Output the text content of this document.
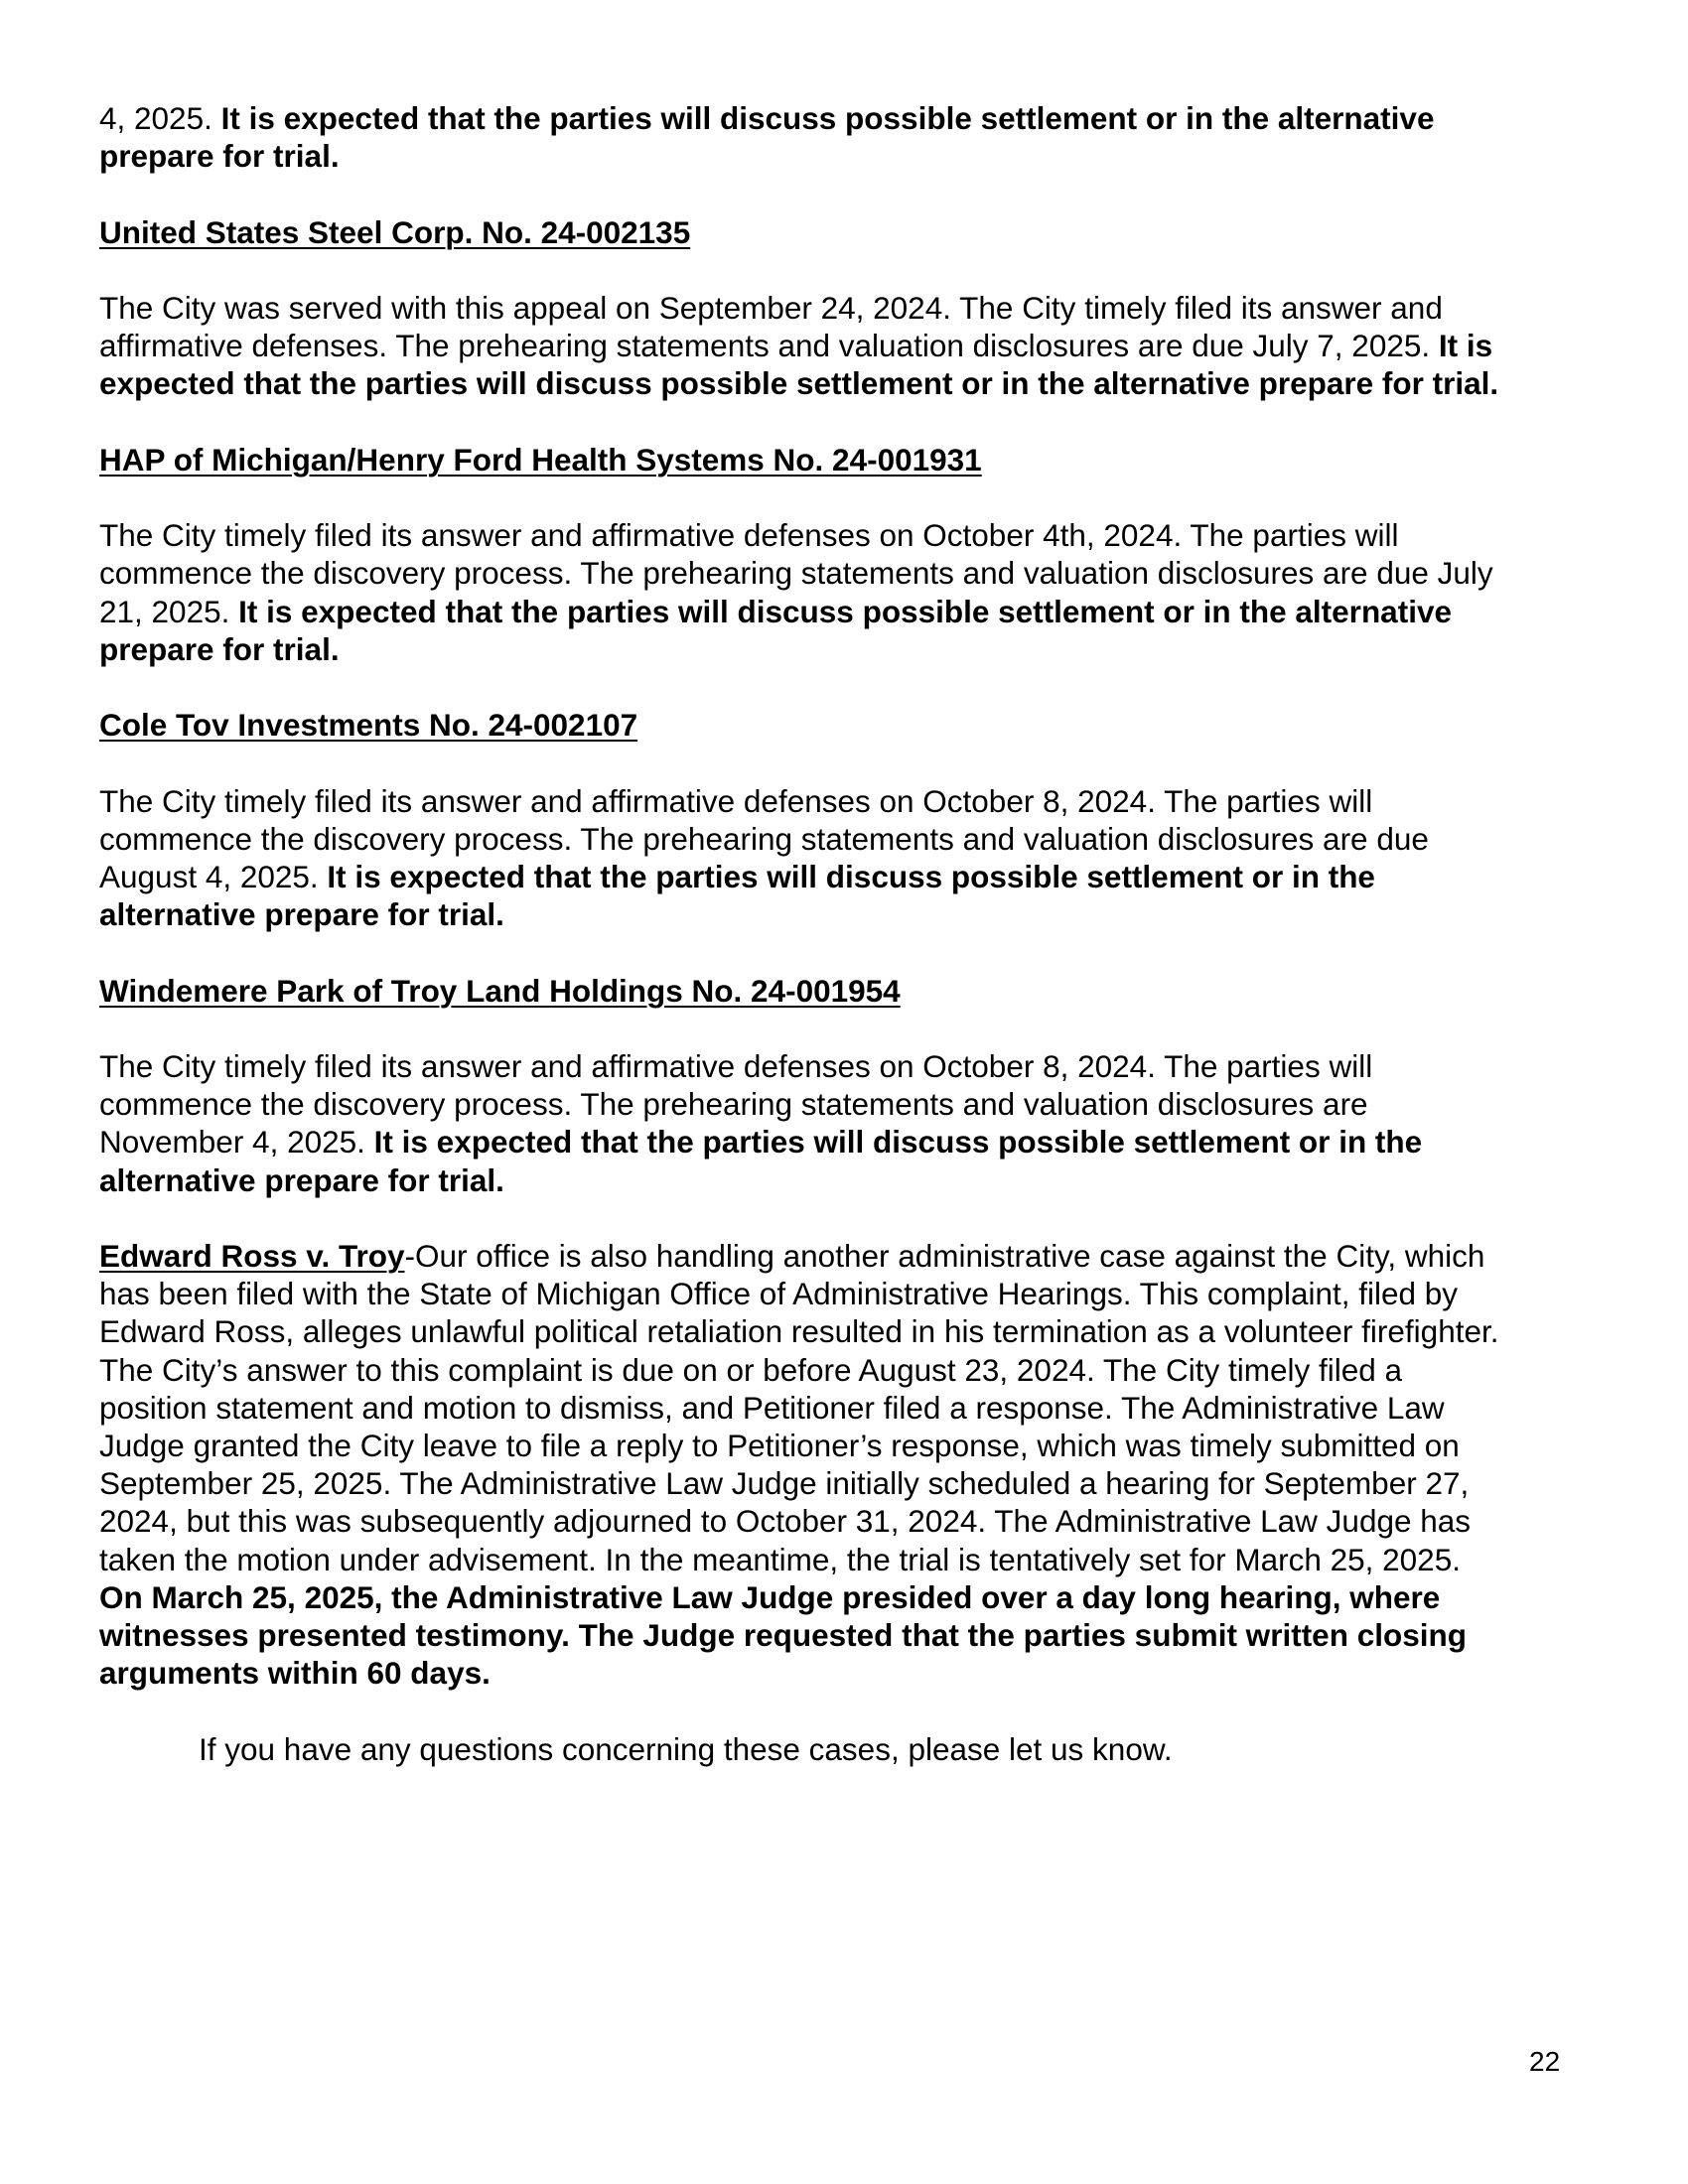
4, 2025. It is expected that the parties will discuss possible settlement or in the alternative
prepare for trial.

United States Steel Corp. No. 24-002135

The City was served with this appeal on September 24, 2024. The City timely filed its answer and
affirmative defenses. The prehearing statements and valuation disclosures are due July 7, 2025. It is
expected that the parties will discuss possible settlement or in the alternative prepare for trial.

HAP of Michigan/Henry Ford Health Systems No. 24-001931

The City timely filed its answer and affirmative defenses on October 4th, 2024. The parties will
commence the discovery process. The prehearing statements and valuation disclosures are due July
21, 2025. It is expected that the parties will discuss possible settlement or in the alternative
prepare for trial.

Cole Tov Investments No. 24-002107

The City timely filed its answer and affirmative defenses on October 8, 2024. The parties will
commence the discovery process. The prehearing statements and valuation disclosures are due
August 4, 2025. It is expected that the parties will discuss possible settlement or in the
alternative prepare for trial.

Windemere Park of Troy Land Holdings No. 24-001954

The City timely filed its answer and affirmative defenses on October 8, 2024. The parties will
commence the discovery process. The prehearing statements and valuation disclosures are
November 4, 2025. It is expected that the parties will discuss possible settlement or in the
alternative prepare for trial.

Edward Ross v. Troy-Our office is also handling another administrative case against the City, which
has been filed with the State of Michigan Office of Administrative Hearings. This complaint, filed by
Edward Ross, alleges unlawful political retaliation resulted in his termination as a volunteer firefighter.
The City’s answer to this complaint is due on or before August 23, 2024. The City timely filed a
position statement and motion to dismiss, and Petitioner filed a response. The Administrative Law
Judge granted the City leave to file a reply to Petitioner’s response, which was timely submitted on
September 25, 2025. The Administrative Law Judge initially scheduled a hearing for September 27,
2024, but this was subsequently adjourned to October 31, 2024. The Administrative Law Judge has
taken the motion under advisement. In the meantime, the trial is tentatively set for March 25, 2025.
On March 25, 2025, the Administrative Law Judge presided over a day long hearing, where
witnesses presented testimony. The Judge requested that the parties submit written closing
arguments within 60 days.

If you have any questions concerning these cases, please let us know.

22
